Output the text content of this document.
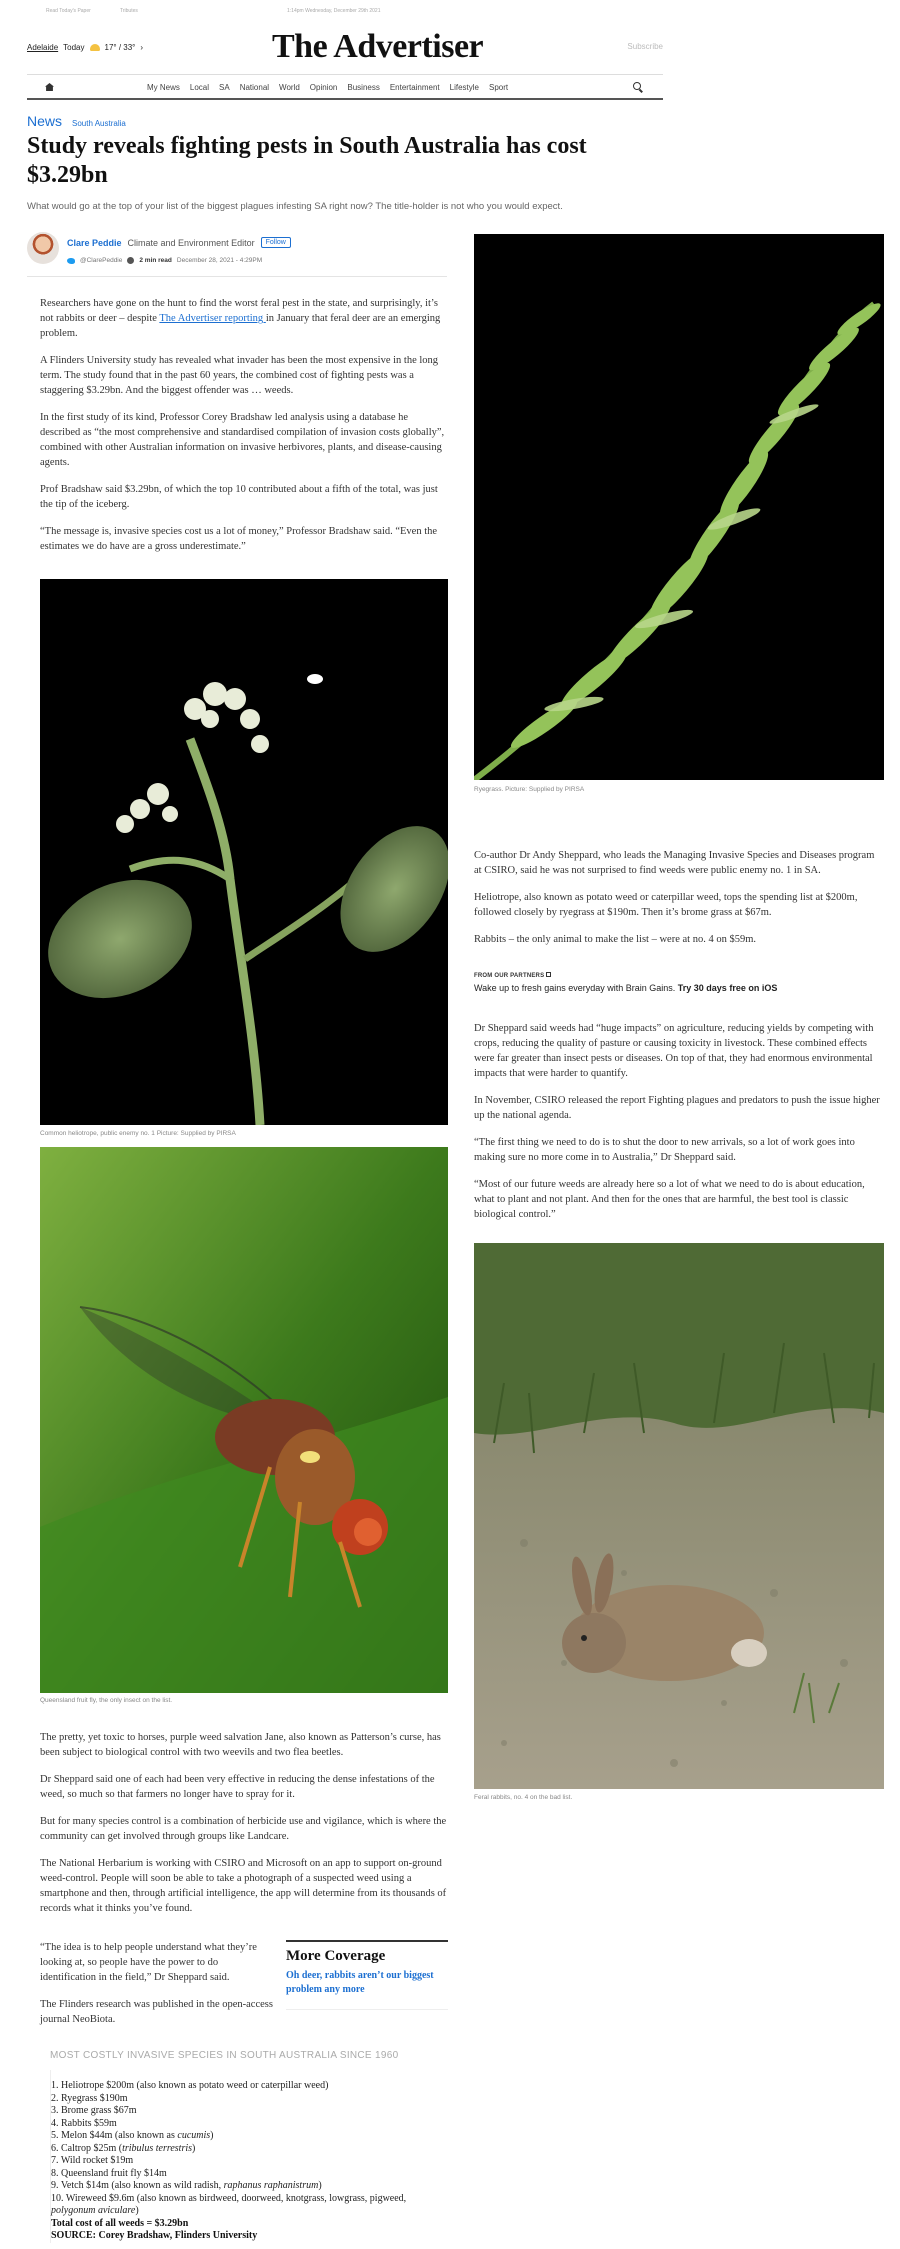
Read Today's Paper	Tributes	1:14pm Wednesday, December 29th 2021
Adelaide Today	17° / 33° ›	The Advertiser	Subscribe
My News Local SA National World Opinion Business Entertainment Lifestyle Sport
News South Australia
Study reveals fighting pests in South Australia has cost $3.29bn

What would go at the top of your list of the biggest plagues infesting SA right now? The title-holder is not who you would expect.

Clare Peddie Climate and Environment Editor	Follow
@ClarePeddie	2 min read December 28, 2021 - 4:29PM

Researchers have gone on the hunt to find the worst feral pest in the state, and surprisingly, it’s not rabbits or deer – despite The Advertiser reporting in January that feral deer are an emerging problem.

A Flinders University study has revealed what invader has been the most expensive in the long term. The study found that in the past 60 years, the combined cost of fighting pests was a staggering $3.29bn. And the biggest offender was … weeds.

In the first study of its kind, Professor Corey Bradshaw led analysis using a database he described as “the most comprehensive and standardised compilation of invasion costs globally”, combined with other Australian information on invasive herbivores, plants, and disease-causing agents.

Prof Bradshaw said $3.29bn, of which the top 10 contributed about a fifth of the total, was just the tip of the iceberg.

“The message is, invasive species cost us a lot of money,” Professor Bradshaw said. “Even the estimates we do have are a gross underestimate.”

Common heliotrope, public enemy no. 1 Picture: Supplied by PIRSA
Queensland fruit fly, the only insect on the list.

The pretty, yet toxic to horses, purple weed salvation Jane, also known as Patterson’s curse, has been subject to biological control with two weevils and two flea beetles.

Dr Sheppard said one of each had been very effective in reducing the dense infestations of the weed, so much so that farmers no longer have to spray for it.

But for many species control is a combination of herbicide use and vigilance, which is where the community can get involved through groups like Landcare.

The National Herbarium is working with CSIRO and Microsoft on an app to support on-ground weed-control. People will soon be able to take a photograph of a suspected weed using a smartphone and then, through artificial intelligence, the app will determine from its thousands of records what it thinks you’ve found.

“The idea is to help people understand what they’re looking at, so people have the power to do identification in the field,” Dr Sheppard said.

The Flinders research was published in the open-access journal NeoBiota.

More Coverage
Oh deer, rabbits aren’t our biggest problem any more
MOST COSTLY INVASIVE SPECIES IN SOUTH AUSTRALIA SINCE 1960
1. Heliotrope $200m (also known as potato weed or caterpillar weed)
2. Ryegrass $190m
3. Brome grass $67m
4. Rabbits $59m
5. Melon $44m (also known as cucumis)
6. Caltrop $25m (tribulus terrestris)
7. Wild rocket $19m
8. Queensland fruit fly $14m
9. Vetch $14m (also known as wild radish, raphanus raphanistrum)
10. Wireweed $9.6m (also known as birdweed, doorweed, knotgrass, lowgrass, pigweed, polygonum aviculare)
Total cost of all weeds = $3.29bn
SOURCE: Corey Bradshaw, Flinders University
Ryegrass. Picture: Supplied by PIRSA

Co-author Dr Andy Sheppard, who leads the Managing Invasive Species and Diseases program at CSIRO, said he was not surprised to find weeds were public enemy no. 1 in SA.

Heliotrope, also known as potato weed or caterpillar weed, tops the spending list at $200m, followed closely by ryegrass at $190m. Then it’s brome grass at $67m.

Rabbits – the only animal to make the list – were at no. 4 on $59m.

FROM OUR PARTNERS
Wake up to fresh gains everyday with Brain Gains. Try 30 days free on iOS

Dr Sheppard said weeds had “huge impacts” on agriculture, reducing yields by competing with crops, reducing the quality of pasture or causing toxicity in livestock. These combined effects were far greater than insect pests or diseases. On top of that, they had enormous environmental impacts that were harder to quantify.

In November, CSIRO released the report Fighting plagues and predators to push the issue higher up the national agenda.

“The first thing we need to do is to shut the door to new arrivals, so a lot of work goes into making sure no more come in to Australia,” Dr Sheppard said.

“Most of our future weeds are already here so a lot of what we need to do is about education, what to plant and not plant. And then for the ones that are harmful, the best tool is classic biological control.”

Feral rabbits, no. 4 on the bad list.
